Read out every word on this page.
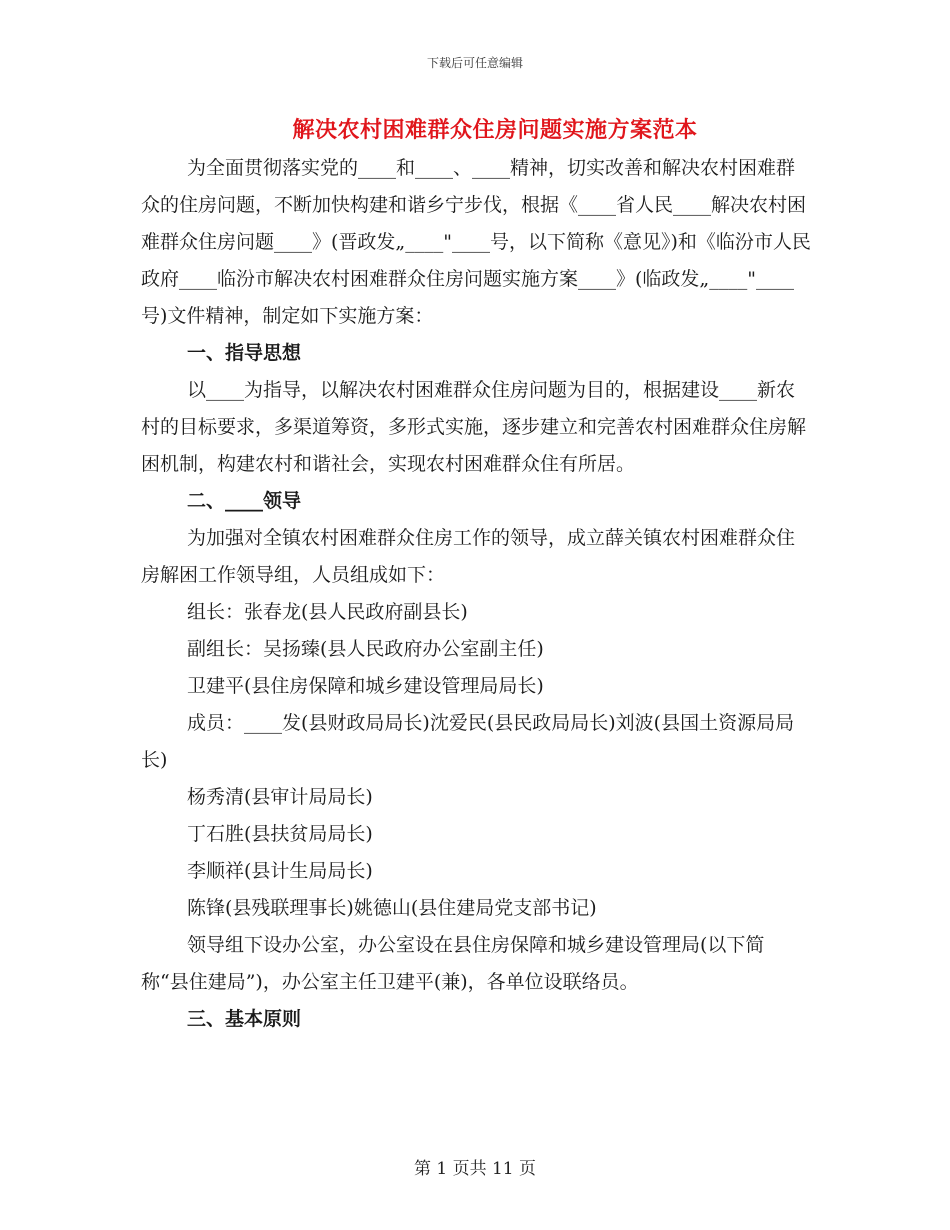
下载后可任意编辑
解决农村困难群众住房问题实施方案范本

为全面贯彻落实党的____和____、____精神，切实改善和解决农村困难群众的住房问题，不断加快构建和谐乡宁步伐，根据《____省人民____解决农村困难群众住房问题____》(晋政发„____"____号，以下简称《意见》)和《临汾市人民政府____临汾市解决农村困难群众住房问题实施方案____》(临政发„____"____号)文件精神，制定如下实施方案：

一、指导思想

以____为指导，以解决农村困难群众住房问题为目的，根据建设____新农村的目标要求，多渠道筹资，多形式实施，逐步建立和完善农村困难群众住房解困机制，构建农村和谐社会，实现农村困难群众住有所居。

二、____领导

为加强对全镇农村困难群众住房工作的领导，成立薛关镇农村困难群众住房解困工作领导组，人员组成如下：

组长：张春龙(县人民政府副县长)

副组长：吴扬臻(县人民政府办公室副主任)

卫建平(县住房保障和城乡建设管理局局长)

成员：____发(县财政局局长)沈爱民(县民政局局长)刘波(县国土资源局局长)

杨秀清(县审计局局长)

丁石胜(县扶贫局局长)

李顺祥(县计生局局长)

陈锋(县残联理事长)姚德山(县住建局党支部书记)

领导组下设办公室，办公室设在县住房保障和城乡建设管理局(以下简称“县住建局”)，办公室主任卫建平(兼)，各单位设联络员。

三、基本原则

第 1 页共 11 页
